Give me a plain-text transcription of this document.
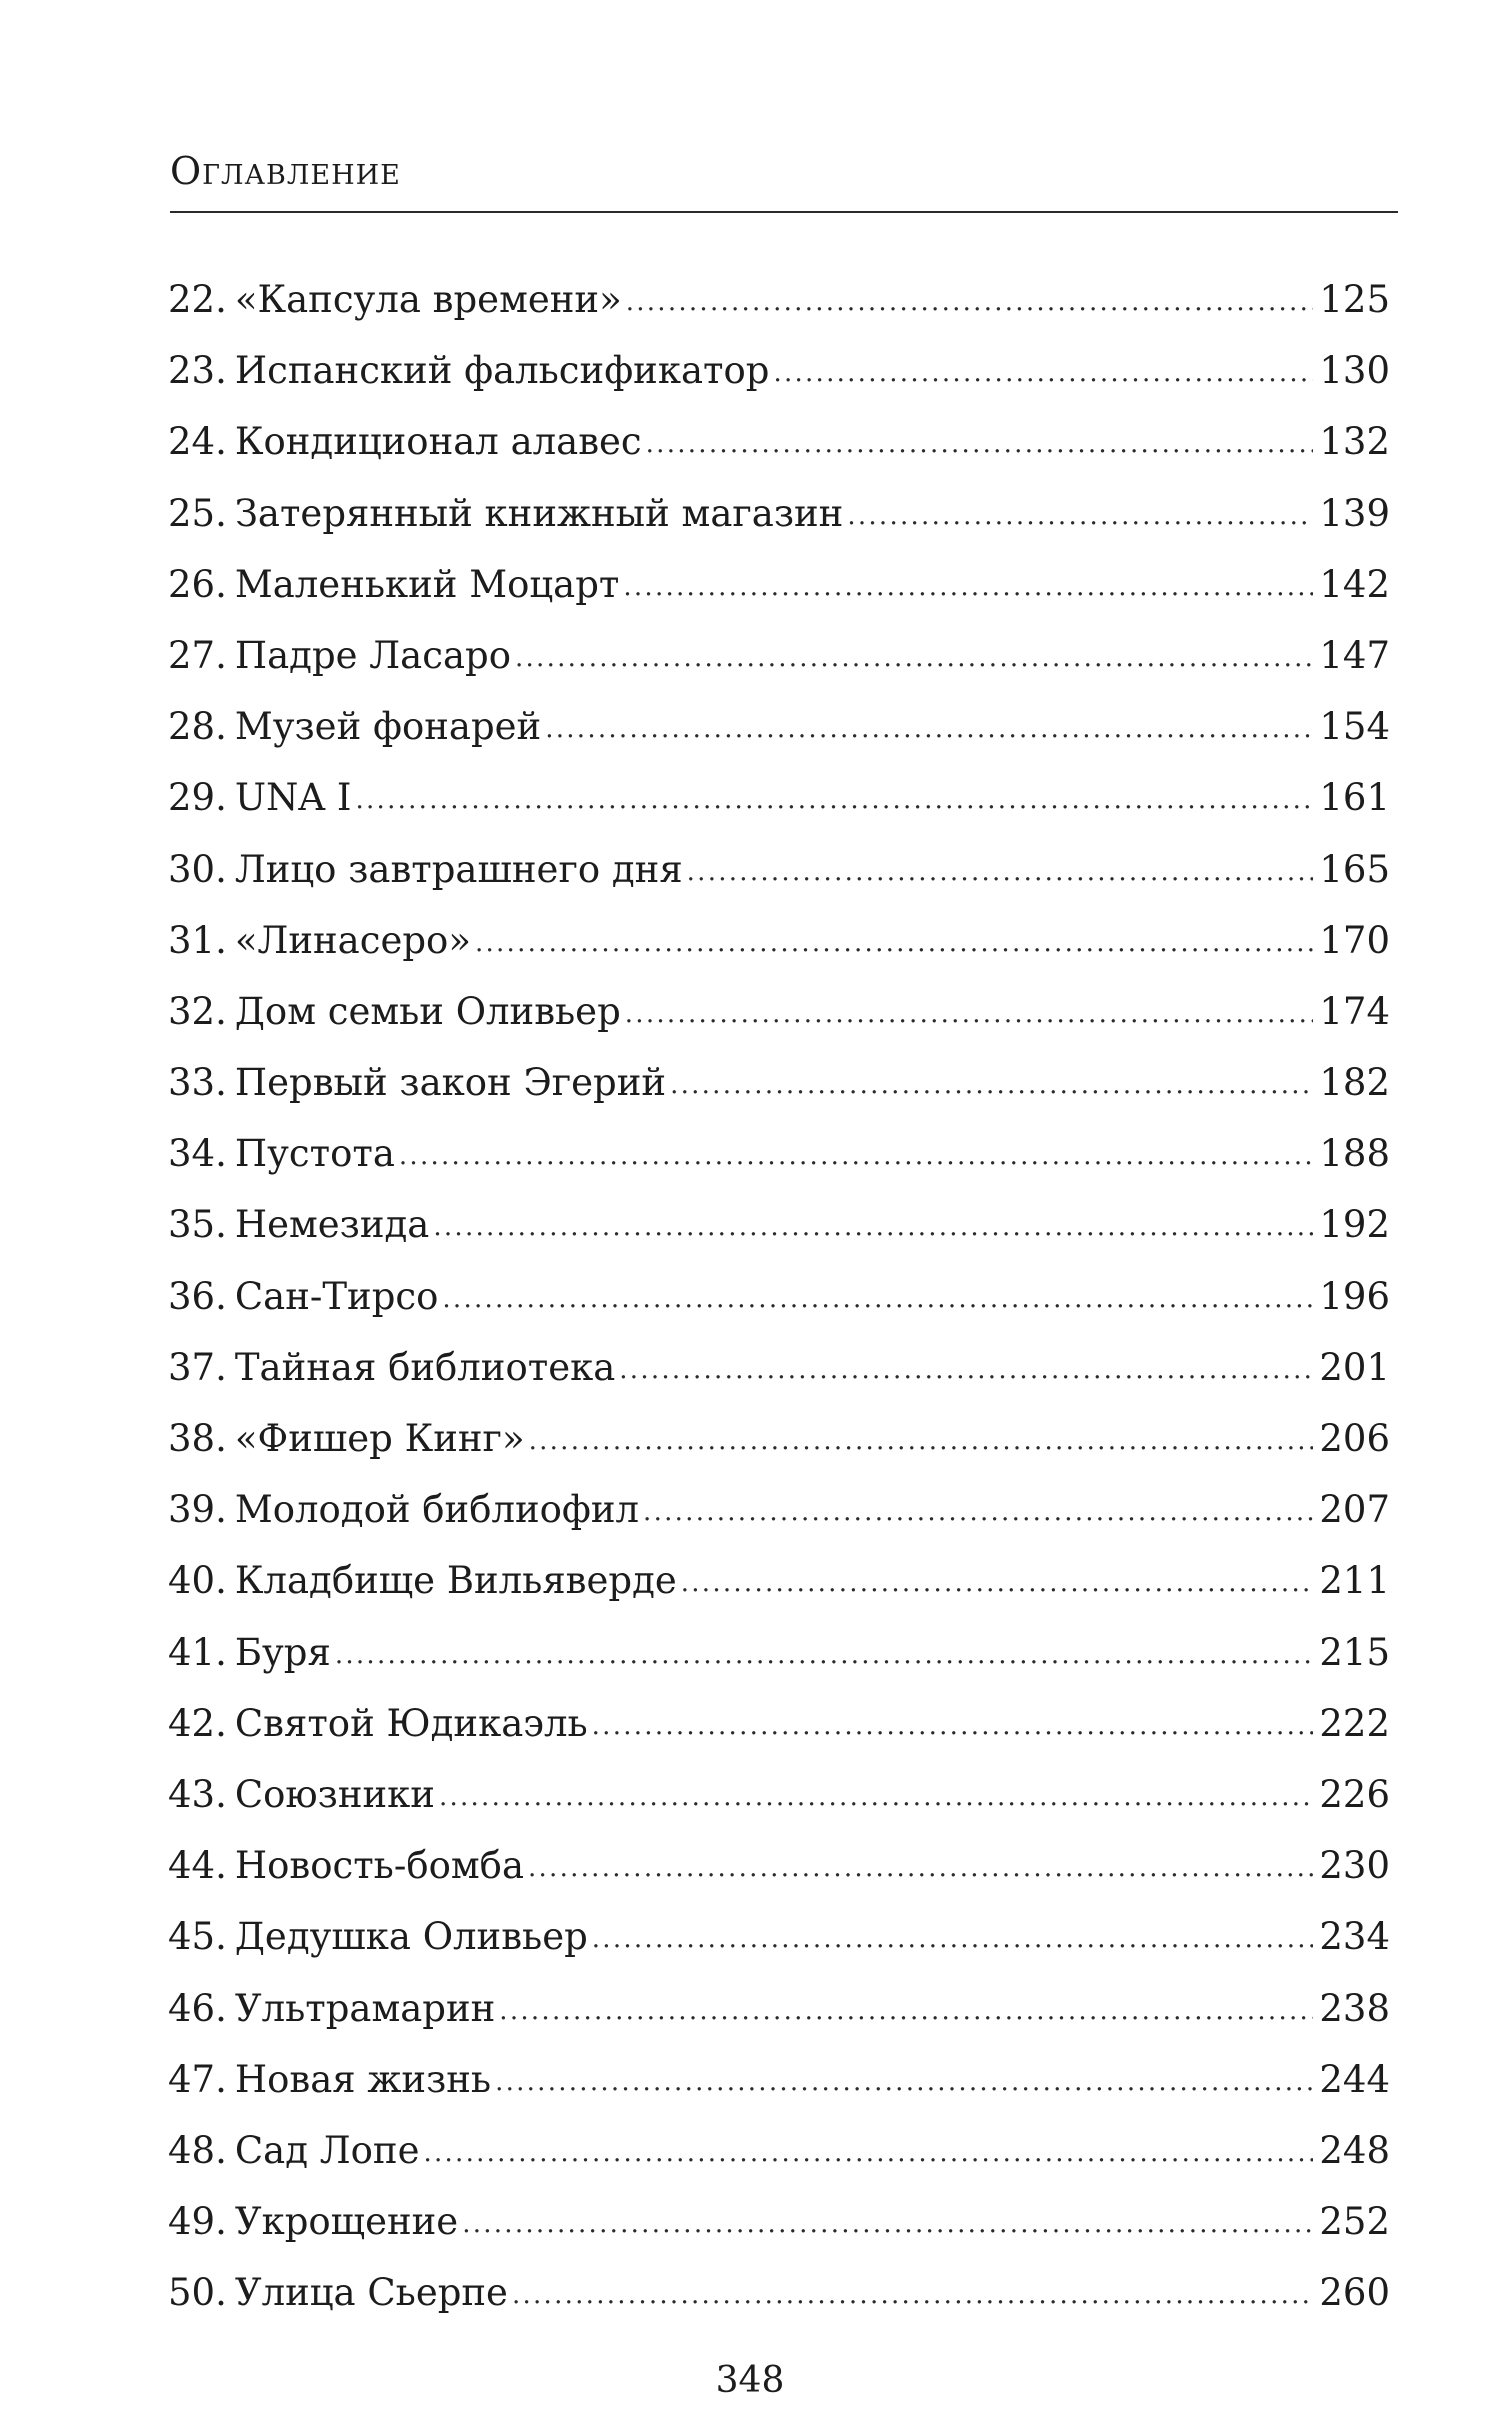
Оглавление
22. «Капсула времени» . . .	125
23. Испанский фальсификатор . . .	130
24. Кондиционал алавес . . .	132
25. Затерянный книжный магазин . . .	139
26. Маленький Моцарт . . .	142
27. Падре Ласаро . . .	147
28. Музей фонарей . . .	154
29. UNA I . . .	161
30. Лицо завтрашнего дня . . .	165
31. «Линасеро» . . .	170
32. Дом семьи Оливьер . . .	174
33. Первый закон Эгерий . . .	182
34. Пустота . . .	188
35. Немезида . . .	192
36. Сан-Тирсо . . .	196
37. Тайная библиотека . . .	201
38. «Фишер Кинг» . . .	206
39. Молодой библиофил . . .	207
40. Кладбище Вильяверде . . .	211
41. Буря . . .	215
42. Святой Юдикаэль . . .	222
43. Союзники . . .	226
44. Новость-бомба . . .	230
45. Дедушка Оливьер . . .	234
46. Ультрамарин . . .	238
47. Новая жизнь . . .	244
48. Сад Лопе . . .	248
49. Укрощение . . .	252
50. Улица Сьерпе . . .	260
348
